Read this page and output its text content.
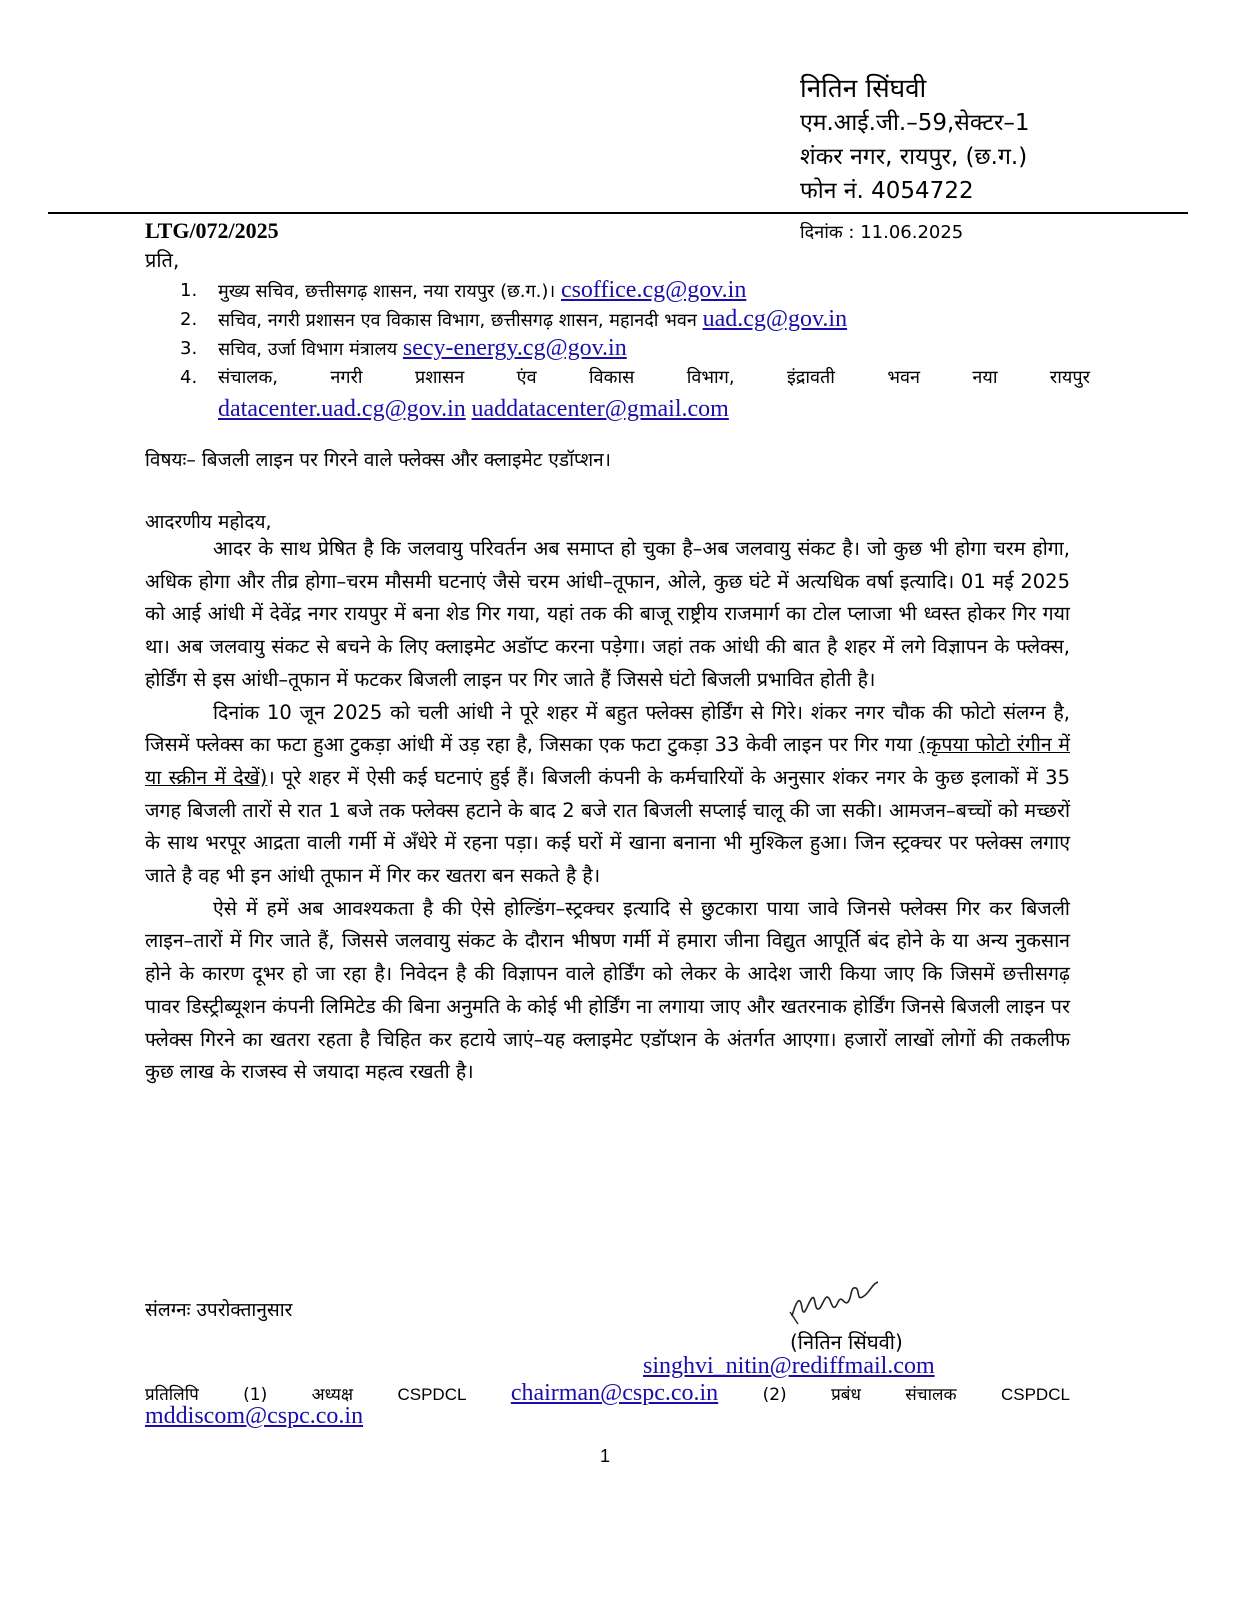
नितिन सिंघवी
एम.आई.जी.–59,सेक्टर–1
शंकर नगर, रायपुर, (छ.ग.)
फोन नं. 4054722
LTG/072/2025	दिनांक : 11.06.2025
प्रति,
1.	मुख्य सचिव, छत्तीसगढ़ शासन, नया रायपुर (छ.ग.)। csoffice.cg@gov.in
2.	सचिव, नगरी प्रशासन एव विकास विभाग, छत्तीसगढ़ शासन, महानदी भवन uad.cg@gov.in
3.	सचिव, उर्जा विभाग मंत्रालय secy-energy.cg@gov.in
4.	संचालक,	नगरी	प्रशासन	एंव	विकास	विभाग,	इंद्रावती	भवन	नया	रायपुर
datacenter.uad.cg@gov.in uaddatacenter@gmail.com
विषयः– बिजली लाइन पर गिरने वाले फ्लेक्स और क्लाइमेट एडॉप्शन।
आदरणीय महोदय,

आदर के साथ प्रेषित है कि जलवायु परिवर्तन अब समाप्त हो चुका है–अब जलवायु संकट है। जो कुछ भी होगा चरम होगा, अधिक होगा और तीव्र होगा–चरम मौसमी घटनाएं जैसे चरम आंधी–तूफान, ओले, कुछ घंटे में अत्यधिक वर्षा इत्यादि। 01 मई 2025 को आई आंधी में देवेंद्र नगर रायपुर में बना शेड गिर गया, यहां तक की बाजू राष्ट्रीय राजमार्ग का टोल प्लाजा भी ध्वस्त होकर गिर गया था। अब जलवायु संकट से बचने के लिए क्लाइमेट अडॉप्ट करना पड़ेगा। जहां तक आंधी की बात है शहर में लगे विज्ञापन के फ्लेक्स, होर्डिंग से इस आंधी–तूफान में फटकर बिजली लाइन पर गिर जाते हैं जिससे घंटो बिजली प्रभावित होती है।

दिनांक 10 जून 2025 को चली आंधी ने पूरे शहर में बहुत फ्लेक्स होर्डिंग से गिरे। शंकर नगर चौक की फोटो संलग्न है, जिसमें फ्लेक्स का फटा हुआ टुकड़ा आंधी में उड़ रहा है, जिसका एक फटा टुकड़ा 33 केवी लाइन पर गिर गया (कृपया फोटो रंगीन में या स्क्रीन में देखें)। पूरे शहर में ऐसी कई घटनाएं हुई हैं। बिजली कंपनी के कर्मचारियों के अनुसार शंकर नगर के कुछ इलाकों में 35 जगह बिजली तारों से रात 1 बजे तक फ्लेक्स हटाने के बाद 2 बजे रात बिजली सप्लाई चालू की जा सकी। आमजन–बच्चों को मच्छरों के साथ भरपूर आद्रता वाली गर्मी में अँधेरे में रहना पड़ा। कई घरों में खाना बनाना भी मुश्किल हुआ। जिन स्ट्रक्चर पर फ्लेक्स लगाए जाते है वह भी इन आंधी तूफान में गिर कर खतरा बन सकते है है।

ऐसे में हमें अब आवश्यकता है की ऐसे होल्डिंग–स्ट्रक्चर इत्यादि से छुटकारा पाया जावे जिनसे फ्लेक्स गिर कर बिजली लाइन–तारों में गिर जाते हैं, जिससे जलवायु संकट के दौरान भीषण गर्मी में हमारा जीना विद्युत आपूर्ति बंद होने के या अन्य नुकसान होने के कारण दूभर हो जा रहा है। निवेदन है की विज्ञापन वाले होर्डिंग को लेकर के आदेश जारी किया जाए कि जिसमें छत्तीसगढ़ पावर डिस्ट्रीब्यूशन कंपनी लिमिटेड की बिना अनुमति के कोई भी होर्डिंग ना लगाया जाए और खतरनाक होर्डिंग जिनसे बिजली लाइन पर फ्लेक्स गिरने का खतरा रहता है चिहित कर हटाये जाएं–यह क्लाइमेट एडॉप्शन के अंतर्गत आएगा। हजारों लाखों लोगों की तकलीफ कुछ लाख के राजस्व से जयादा महत्व रखती है।

संलग्नः उपरोक्तानुसार
(नितिन सिंघवी)
singhvi_nitin@rediffmail.com
प्रतिलिपि	(1)	अध्यक्ष	CSPDCL chairman@cspc.co.in	(2)	प्रबंध	संचालक	CSPDCL
mddiscom@cspc.co.in
1
